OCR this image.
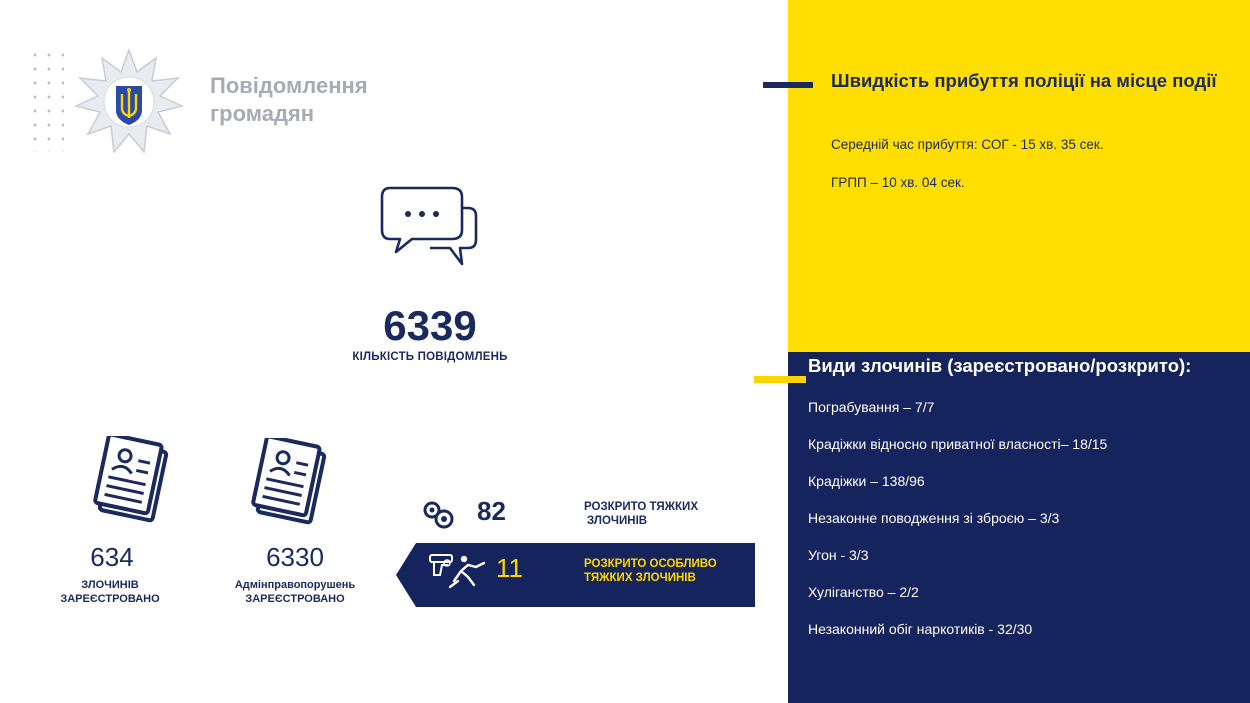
Повідомлення
громадян
6339
КІЛЬКІСТЬ ПОВІДОМЛЕНЬ
634
ЗЛОЧИНІВ
ЗАРЕЄСТРОВАНО
6330
Адмінправопорушень
ЗАРЕЄСТРОВАНО
82	РОЗКРИТО ТЯЖКИХ
ЗЛОЧИНІВ
11	РОЗКРИТО ОСОБЛИВО
ТЯЖКИХ ЗЛОЧИНІВ
Швидкість прибуття поліції на місце події
Середній час прибуття: СОГ - 15 хв. 35 сек.
ГРПП – 10 хв. 04 сек.
Види злочинів (зареєстровано/розкрито):
Пограбування – 7/7
Крадіжки відносно приватної власності– 18/15
Крадіжки – 138/96
Незаконне поводження зі зброєю – 3/3
Угон - 3/3
Хуліганство – 2/2
Незаконний обіг наркотиків - 32/30
